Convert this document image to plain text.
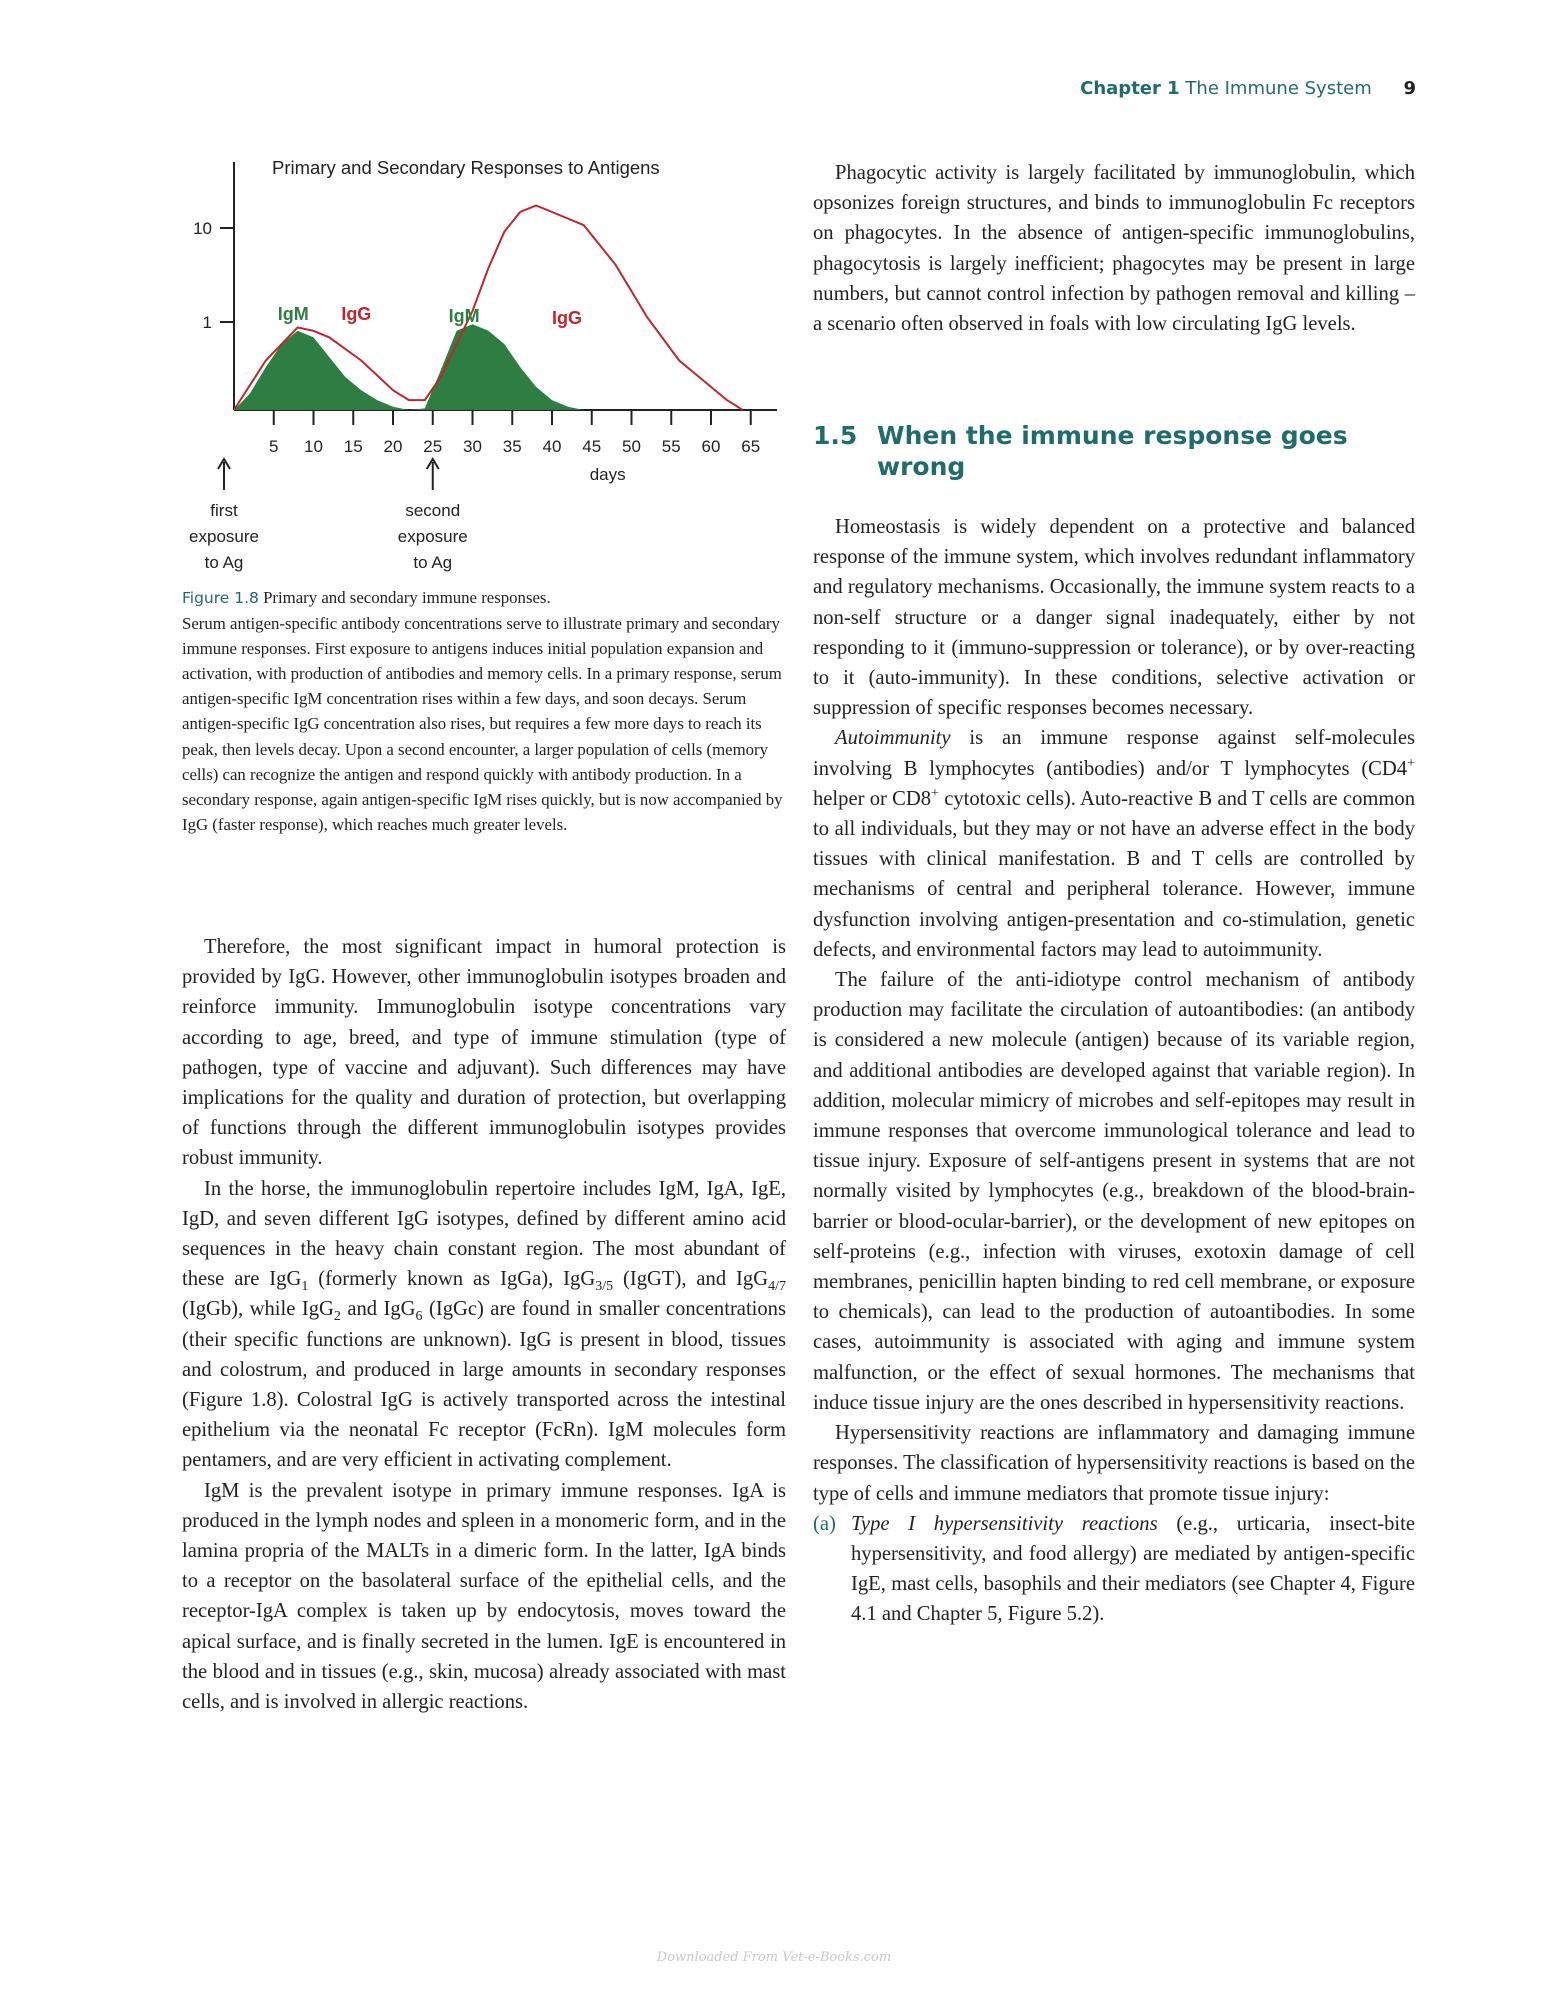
Chapter 1 The Immune System 9
Primary and Secondary Responses to Antigens
1
10
IgM IgG	IgM	IgG
5 10 15 20 25 30 35 40 45 50 55 60 65
days
first
exposure
to Ag
second
exposure
to Ag
Figure 1.8 Primary and secondary immune responses.
Serum antigen-specific antibody concentrations serve to illustrate primary and secondary immune responses. First exposure to antigens induces initial population expansion and activation, with production of antibodies and memory cells. In a primary response, serum antigen-specific IgM concentration rises within a few days, and soon decays. Serum antigen-specific IgG concentration also rises, but requires a few more days to reach its peak, then levels decay. Upon a second encounter, a larger population of cells (memory cells) can recognize the antigen and respond quickly with antibody production. In a secondary response, again antigen-specific IgM rises quickly, but is now accompanied by IgG (faster response), which reaches much greater levels.

Therefore, the most significant impact in humoral protection is provided by IgG. However, other immunoglobulin isotypes broaden and reinforce immunity. Immunoglobulin isotype concentrations vary according to age, breed, and type of immune stimulation (type of pathogen, type of vaccine and adjuvant). Such differences may have implications for the quality and duration of protection, but overlapping of functions through the different immunoglobulin isotypes provides robust immunity.

In the horse, the immunoglobulin repertoire includes IgM, IgA, IgE, IgD, and seven different IgG isotypes, defined by different amino acid sequences in the heavy chain constant region. The most abundant of these are IgG$_1$ (formerly known as IgGa), IgG$_{3/5}$ (IgGT), and IgG$_{4/7}$ (IgGb), while IgG$_2$ and IgG$_6$ (IgGc) are found in smaller concentrations (their specific functions are unknown). IgG is present in blood, tissues and colostrum, and produced in large amounts in secondary responses (Figure 1.8). Colostral IgG is actively transported across the intestinal epithelium via the neonatal Fc receptor (FcRn). IgM molecules form pentamers, and are very efficient in activating complement.

IgM is the prevalent isotype in primary immune responses. IgA is produced in the lymph nodes and spleen in a monomeric form, and in the lamina propria of the MALTs in a dimeric form. In the latter, IgA binds to a receptor on the basolateral surface of the epithelial cells, and the receptor-IgA complex is taken up by endocytosis, moves toward the apical surface, and is finally secreted in the lumen. IgE is encountered in the blood and in tissues (e.g., skin, mucosa) already associated with mast cells, and is involved in allergic reactions.

Phagocytic activity is largely facilitated by immunoglobulin, which opsonizes foreign structures, and binds to immunoglobulin Fc receptors on phagocytes. In the absence of antigen-specific immunoglobulins, phagocytosis is largely inefficient; phagocytes may be present in large numbers, but cannot control infection by pathogen removal and killing – a scenario often observed in foals with low circulating IgG levels.

1.5 When the immune response goes
wrong

Homeostasis is widely dependent on a protective and balanced response of the immune system, which involves redundant inflammatory and regulatory mechanisms. Occasionally, the immune system reacts to a non-self structure or a danger signal inadequately, either by not responding to it (immuno-suppression or tolerance), or by over-reacting to it (auto-immunity). In these conditions, selective activation or suppression of specific responses becomes necessary.

Autoimmunity is an immune response against self-molecules involving B lymphocytes (antibodies) and/or T lymphocytes (CD4+ helper or CD8+ cytotoxic cells). Auto-reactive B and T cells are common to all individuals, but they may or not have an adverse effect in the body tissues with clinical manifestation. B and T cells are controlled by mechanisms of central and peripheral tolerance. However, immune dysfunction involving antigen-presentation and co-stimulation, genetic defects, and environmental factors may lead to autoimmunity.

The failure of the anti-idiotype control mechanism of antibody production may facilitate the circulation of autoantibodies: (an antibody is considered a new molecule (antigen) because of its variable region, and additional antibodies are developed against that variable region). In addition, molecular mimicry of microbes and self-epitopes may result in immune responses that overcome immunological tolerance and lead to tissue injury. Exposure of self-antigens present in systems that are not normally visited by lymphocytes (e.g., breakdown of the blood-brain-barrier or blood-ocular-barrier), or the development of new epitopes on self-proteins (e.g., infection with viruses, exotoxin damage of cell membranes, penicillin hapten binding to red cell membrane, or exposure to chemicals), can lead to the production of autoantibodies. In some cases, autoimmunity is associated with aging and immune system malfunction, or the effect of sexual hormones. The mechanisms that induce tissue injury are the ones described in hypersensitivity reactions.

Hypersensitivity reactions are inflammatory and damaging immune responses. The classification of hypersensitivity reactions is based on the type of cells and immune mediators that promote tissue injury:

(a) Type I hypersensitivity reactions (e.g., urticaria, insect-bite hypersensitivity, and food allergy) are mediated by antigen-specific IgE, mast cells, basophils and their mediators (see Chapter 4, Figure 4.1 and Chapter 5, Figure 5.2).
Downloaded From Vet-e-Books.com
